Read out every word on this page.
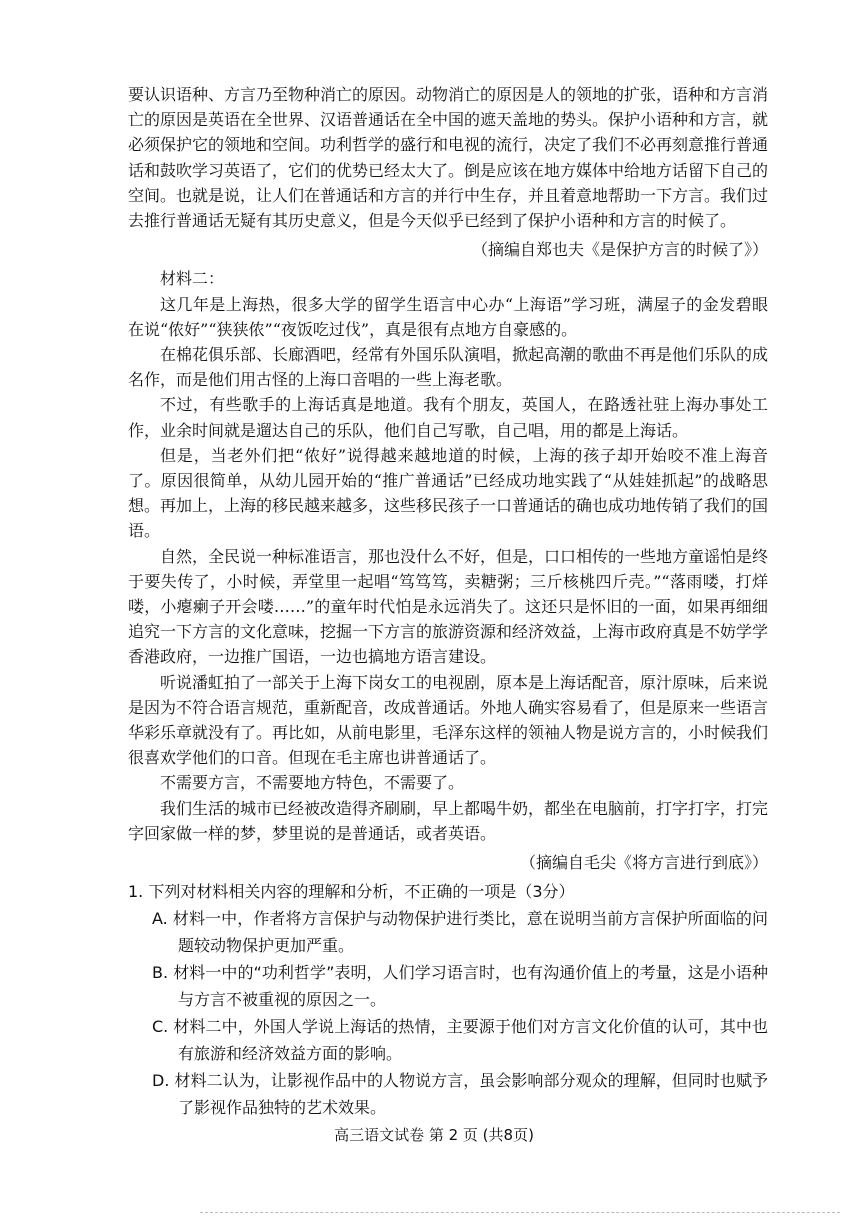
要认识语种、方言乃至物种消亡的原因。动物消亡的原因是人的领地的扩张，语种和方言消亡的原因是英语在全世界、汉语普通话在全中国的遮天盖地的势头。保护小语种和方言，就必须保护它的领地和空间。功利哲学的盛行和电视的流行，决定了我们不必再刻意推行普通话和鼓吹学习英语了，它们的优势已经太大了。倒是应该在地方媒体中给地方话留下自己的空间。也就是说，让人们在普通话和方言的并行中生存，并且着意地帮助一下方言。我们过去推行普通话无疑有其历史意义，但是今天似乎已经到了保护小语种和方言的时候了。

（摘编自郑也夫《是保护方言的时候了》）

材料二：

这几年是上海热，很多大学的留学生语言中心办“上海语”学习班，满屋子的金发碧眼在说“侬好”“狭狭侬”“夜饭吃过伐”，真是很有点地方自豪感的。

在棉花俱乐部、长廊酒吧，经常有外国乐队演唱，掀起高潮的歌曲不再是他们乐队的成名作，而是他们用古怪的上海口音唱的一些上海老歌。

不过，有些歌手的上海话真是地道。我有个朋友，英国人，在路透社驻上海办事处工作，业余时间就是遛达自己的乐队，他们自己写歌，自己唱，用的都是上海话。

但是，当老外们把“侬好”说得越来越地道的时候，上海的孩子却开始咬不准上海音了。原因很简单，从幼儿园开始的“推广普通话”已经成功地实践了“从娃娃抓起”的战略思想。再加上，上海的移民越来越多，这些移民孩子一口普通话的确也成功地传销了我们的国语。

自然，全民说一种标准语言，那也没什么不好，但是，口口相传的一些地方童谣怕是终于要失传了，小时候，弄堂里一起唱“笃笃笃，卖糖粥；三斤核桃四斤壳。”“落雨喽，打烊喽，小瘪瘌子开会喽……”的童年时代怕是永远消失了。这还只是怀旧的一面，如果再细细追究一下方言的文化意味，挖掘一下方言的旅游资源和经济效益，上海市政府真是不妨学学香港政府，一边推广国语，一边也搞地方语言建设。

听说潘虹拍了一部关于上海下岗女工的电视剧，原本是上海话配音，原汁原味，后来说是因为不符合语言规范，重新配音，改成普通话。外地人确实容易看了，但是原来一些语言华彩乐章就没有了。再比如，从前电影里，毛泽东这样的领袖人物是说方言的，小时候我们很喜欢学他们的口音。但现在毛主席也讲普通话了。

不需要方言，不需要地方特色，不需要了。

我们生活的城市已经被改造得齐刷刷，早上都喝牛奶，都坐在电脑前，打字打字，打完字回家做一样的梦，梦里说的是普通话，或者英语。

（摘编自毛尖《将方言进行到底》）

1. 下列对材料相关内容的理解和分析，不正确的一项是（3分）

A. 材料一中，作者将方言保护与动物保护进行类比，意在说明当前方言保护所面临的问题较动物保护更加严重。

B. 材料一中的“功利哲学”表明，人们学习语言时，也有沟通价值上的考量，这是小语种与方言不被重视的原因之一。

C. 材料二中，外国人学说上海话的热情，主要源于他们对方言文化价值的认可，其中也有旅游和经济效益方面的影响。

D. 材料二认为，让影视作品中的人物说方言，虽会影响部分观众的理解，但同时也赋予了影视作品独特的艺术效果。

高三语文试卷 第 2 页 (共8页)
